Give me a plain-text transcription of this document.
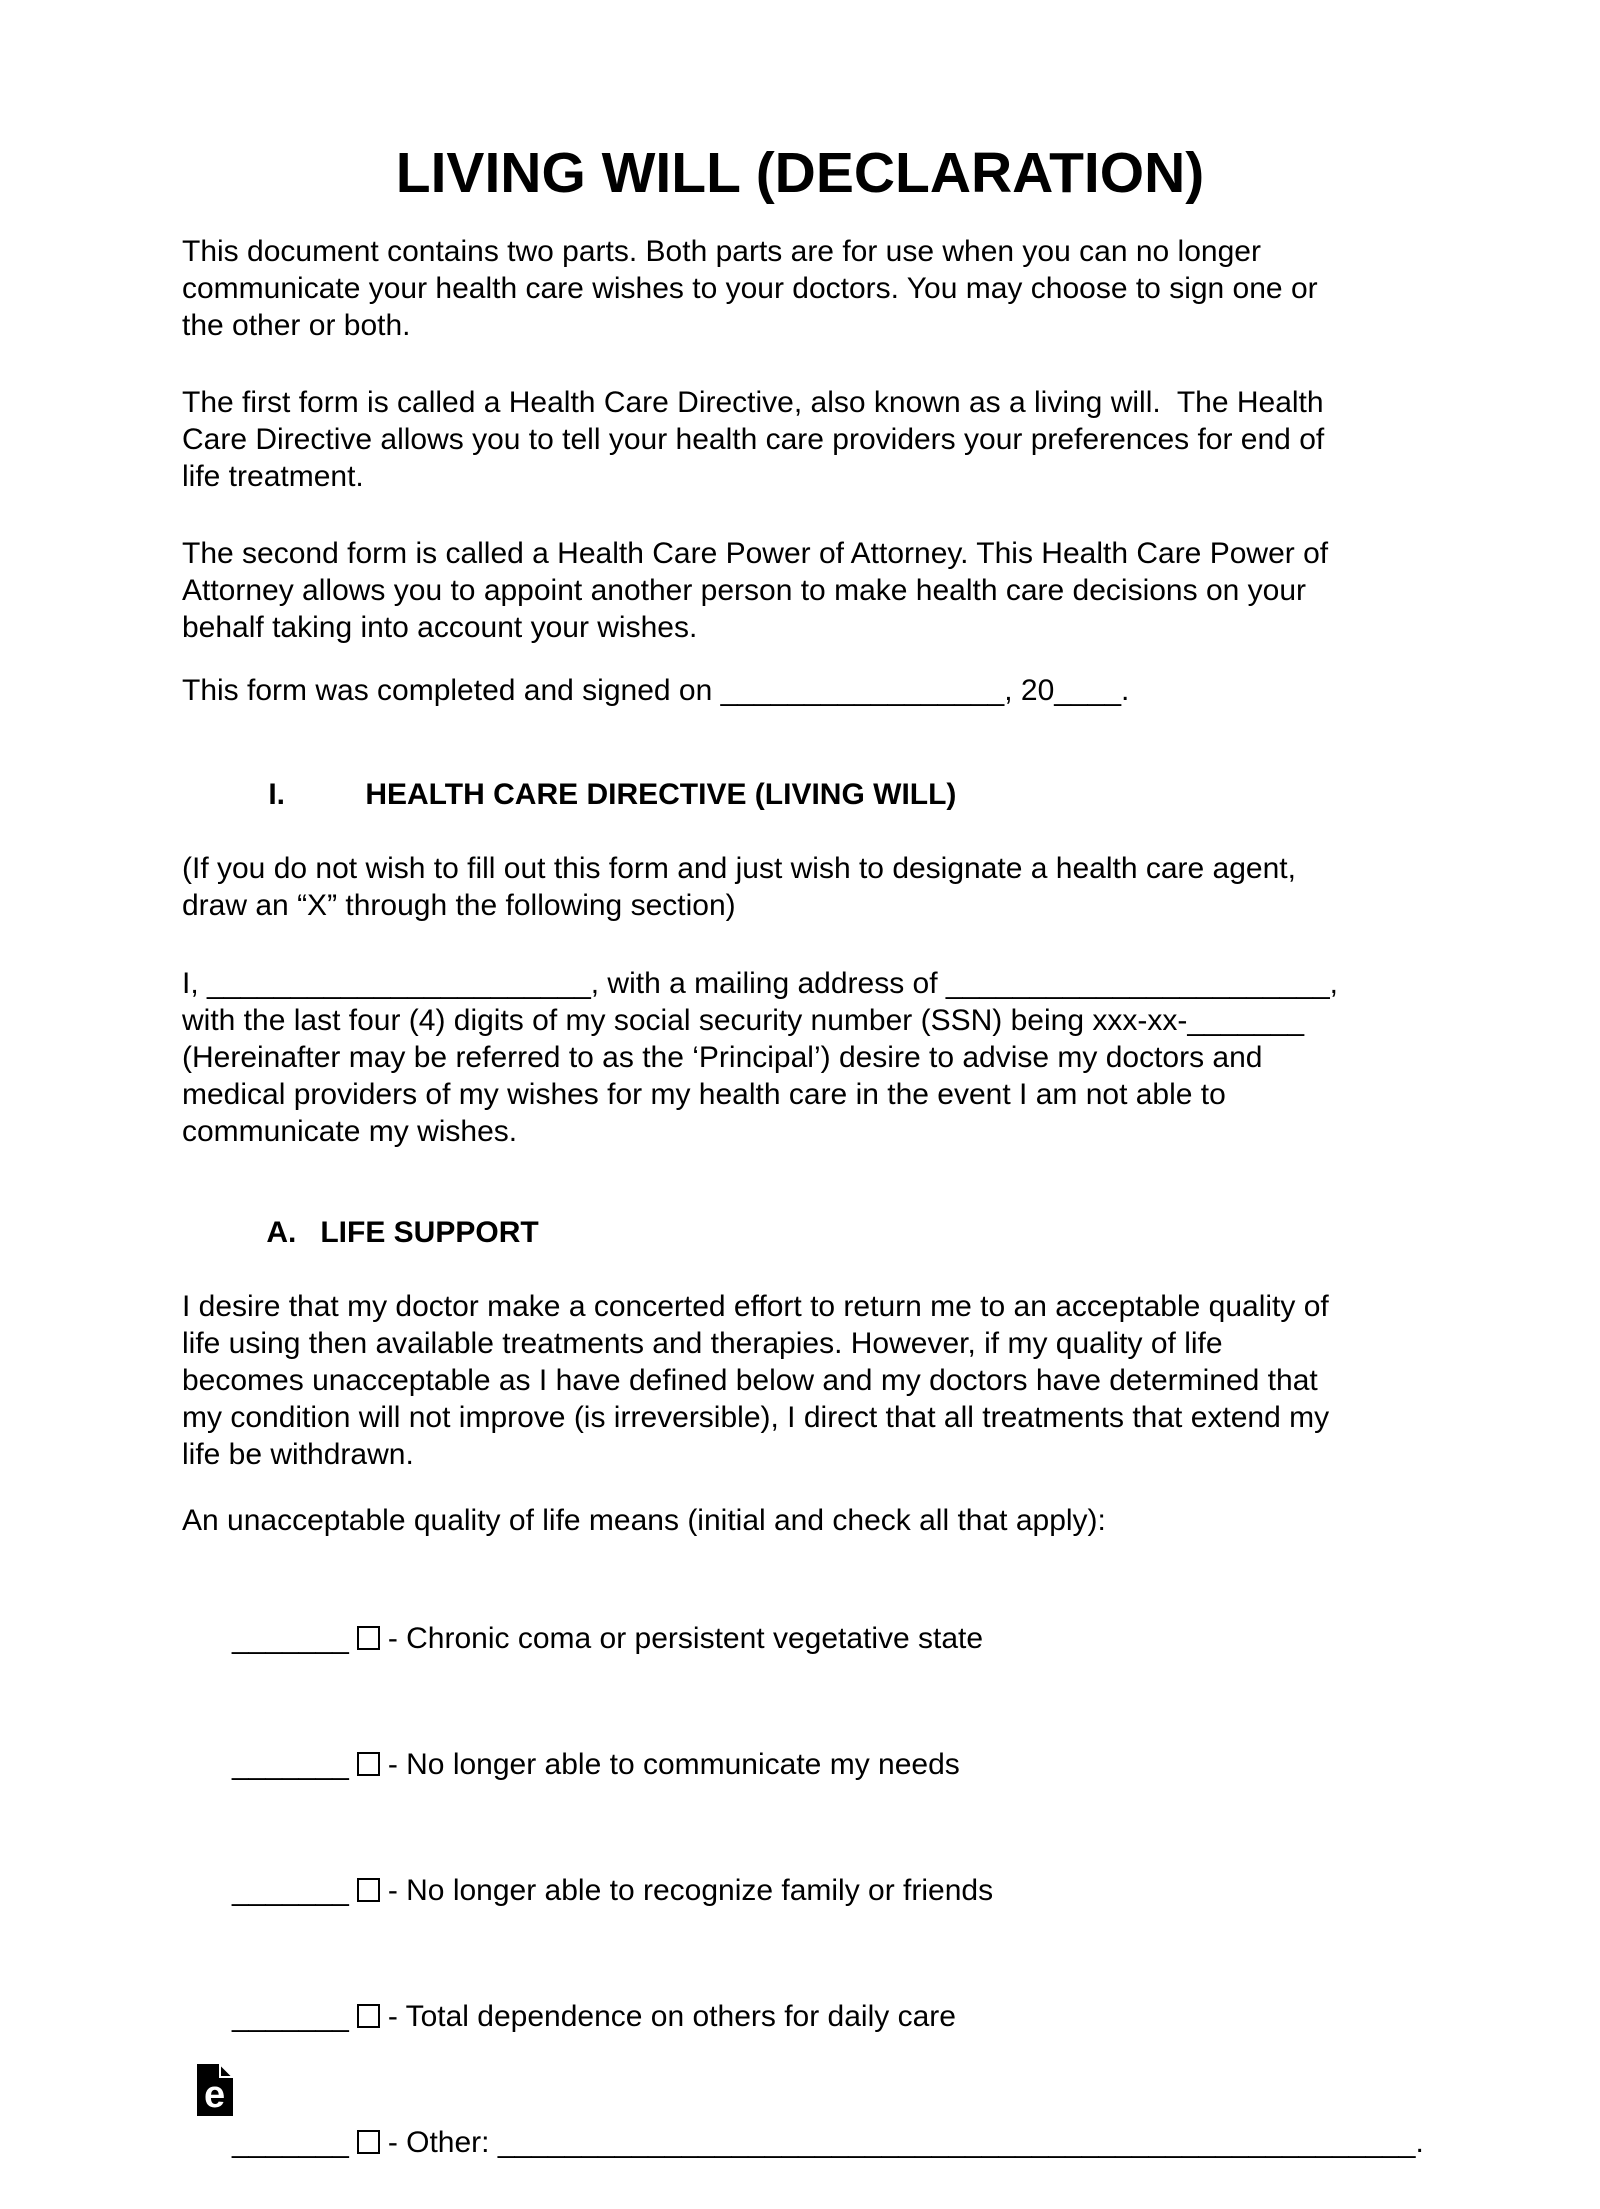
LIVING WILL (DECLARATION)
This document contains two parts. Both parts are for use when you can no longer
communicate your health care wishes to your doctors. You may choose to sign one or
the other or both.
The first form is called a Health Care Directive, also known as a living will.  The Health
Care Directive allows you to tell your health care providers your preferences for end of
life treatment.
The second form is called a Health Care Power of Attorney. This Health Care Power of
Attorney allows you to appoint another person to make health care decisions on your
behalf taking into account your wishes.
This form was completed and signed on _________________, 20____.

I.	HEALTH CARE DIRECTIVE (LIVING WILL)

(If you do not wish to fill out this form and just wish to designate a health care agent,
draw an “X” through the following section)
I, _______________________, with a mailing address of _______________________,
with the last four (4) digits of my social security number (SSN) being xxx-xx-_______
(Hereinafter may be referred to as the ‘Principal’) desire to advise my doctors and
medical providers of my wishes for my health care in the event I am not able to
communicate my wishes.

A. LIFE SUPPORT

I desire that my doctor make a concerted effort to return me to an acceptable quality of
life using then available treatments and therapies. However, if my quality of life
becomes unacceptable as I have defined below and my doctors have determined that
my condition will not improve (is irreversible), I direct that all treatments that extend my
life be withdrawn.
An unacceptable quality of life means (initial and check all that apply):

_______ - Chronic coma or persistent vegetative state

_______ - No longer able to communicate my needs

_______ - No longer able to recognize family or friends

_______ - Total dependence on others for daily care

_______ - Other: _______________________________________________________.

e
